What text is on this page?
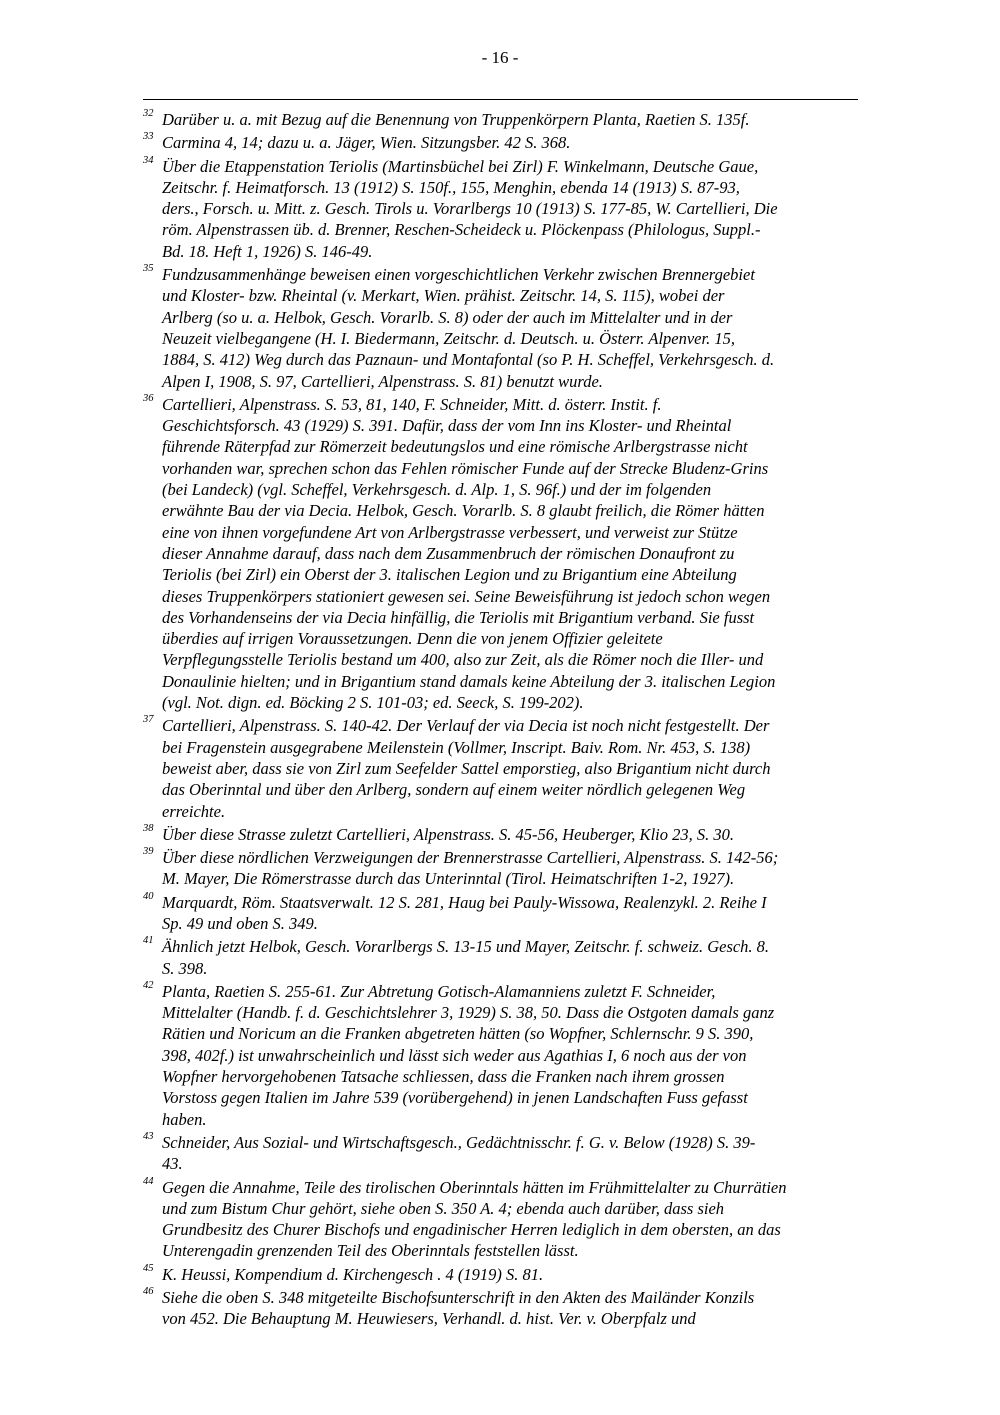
- 16 -
32 Darüber u. a. mit Bezug auf die Benennung von Truppenkörpern Planta, Raetien S. 135f.
33 Carmina 4, 14; dazu u. a. Jäger, Wien. Sitzungsber. 42 S. 368.
34 Über die Etappenstation Teriolis (Martinsbüchel bei Zirl) F. Winkelmann, Deutsche Gaue,
Zeitschr. f. Heimatforsch. 13 (1912) S. 150f., 155, Menghin, ebenda 14 (1913) S. 87-93,
ders., Forsch. u. Mitt. z. Gesch. Tirols u. Vorarlbergs 10 (1913) S. 177-85, W. Cartellieri, Die
röm. Alpenstrassen üb. d. Brenner, Reschen-Scheideck u. Plöckenpass (Philologus, Suppl.-
Bd. 18. Heft 1, 1926) S. 146-49.
35 Fundzusammenhänge beweisen einen vorgeschichtlichen Verkehr zwischen Brennergebiet
und Kloster- bzw. Rheintal (v. Merkart, Wien. prähist. Zeitschr. 14, S. 115), wobei der
Arlberg (so u. a. Helbok, Gesch. Vorarlb. S. 8) oder der auch im Mittelalter und in der
Neuzeit vielbegangene (H. I. Biedermann, Zeitschr. d. Deutsch. u. Österr. Alpenver. 15,
1884, S. 412) Weg durch das Paznaun- und Montafontal (so P. H. Scheffel, Verkehrsgesch. d.
Alpen I, 1908, S. 97, Cartellieri, Alpenstrass. S. 81) benutzt wurde.
36 Cartellieri, Alpenstrass. S. 53, 81, 140, F. Schneider, Mitt. d. österr. Instit. f.
Geschichtsforsch. 43 (1929) S. 391. Dafür, dass der vom Inn ins Kloster- und Rheintal
führende Räterpfad zur Römerzeit bedeutungslos und eine römische Arlbergstrasse nicht
vorhanden war, sprechen schon das Fehlen römischer Funde auf der Strecke Bludenz-Grins
(bei Landeck) (vgl. Scheffel, Verkehrsgesch. d. Alp. 1, S. 96f.) und der im folgenden
erwähnte Bau der via Decia. Helbok, Gesch. Vorarlb. S. 8 glaubt freilich, die Römer hätten
eine von ihnen vorgefundene Art von Arlbergstrasse verbessert, und verweist zur Stütze
dieser Annahme darauf, dass nach dem Zusammenbruch der römischen Donaufront zu
Teriolis (bei Zirl) ein Oberst der 3. italischen Legion und zu Brigantium eine Abteilung
dieses Truppenkörpers stationiert gewesen sei. Seine Beweisführung ist jedoch schon wegen
des Vorhandenseins der via Decia hinfällig, die Teriolis mit Brigantium verband. Sie fusst
überdies auf irrigen Voraussetzungen. Denn die von jenem Offizier geleitete
Verpflegungsstelle Teriolis bestand um 400, also zur Zeit, als die Römer noch die Iller- und
Donaulinie hielten; und in Brigantium stand damals keine Abteilung der 3. italischen Legion
(vgl. Not. dign. ed. Böcking 2 S. 101-03; ed. Seeck, S. 199-202).
37 Cartellieri, Alpenstrass. S. 140-42. Der Verlauf der via Decia ist noch nicht festgestellt. Der
bei Fragenstein ausgegrabene Meilenstein (Vollmer, Inscript. Baiv. Rom. Nr. 453, S. 138)
beweist aber, dass sie von Zirl zum Seefelder Sattel emporstieg, also Brigantium nicht durch
das Oberinntal und über den Arlberg, sondern auf einem weiter nördlich gelegenen Weg
erreichte.
38 Über diese Strasse zuletzt Cartellieri, Alpenstrass. S. 45-56, Heuberger, Klio 23, S. 30.
39 Über diese nördlichen Verzweigungen der Brennerstrasse Cartellieri, Alpenstrass. S. 142-56;
M. Mayer, Die Römerstrasse durch das Unterinntal (Tirol. Heimatschriften 1-2, 1927).
40 Marquardt, Röm. Staatsverwalt. 12 S. 281, Haug bei Pauly-Wissowa, Realenzykl. 2. Reihe I
Sp. 49 und oben S. 349.
41 Ähnlich jetzt Helbok, Gesch. Vorarlbergs S. 13-15 und Mayer, Zeitschr. f. schweiz. Gesch. 8.
S. 398.
42 Planta, Raetien S. 255-61. Zur Abtretung Gotisch-Alamanniens zuletzt F. Schneider,
Mittelalter (Handb. f. d. Geschichtslehrer 3, 1929) S. 38, 50. Dass die Ostgoten damals ganz
Rätien und Noricum an die Franken abgetreten hätten (so Wopfner, Schlernschr. 9 S. 390,
398, 402f.) ist unwahrscheinlich und lässt sich weder aus Agathias I, 6 noch aus der von
Wopfner hervorgehobenen Tatsache schliessen, dass die Franken nach ihrem grossen
Vorstoss gegen Italien im Jahre 539 (vorübergehend) in jenen Landschaften Fuss gefasst
haben.
43 Schneider, Aus Sozial- und Wirtschaftsgesch., Gedächtnisschr. f. G. v. Below (1928) S. 39-
43.
44 Gegen die Annahme, Teile des tirolischen Oberinntals hätten im Frühmittelalter zu Churrätien
und zum Bistum Chur gehört, siehe oben S. 350 A. 4; ebenda auch darüber, dass sieh
Grundbesitz des Churer Bischofs und engadinischer Herren lediglich in dem obersten, an das
Unterengadin grenzenden Teil des Oberinntals feststellen lässt.
45 K. Heussi, Kompendium d. Kirchengesch . 4 (1919) S. 81.
46 Siehe die oben S. 348 mitgeteilte Bischofsunterschrift in den Akten des Mailänder Konzils
von 452. Die Behauptung M. Heuwiesers, Verhandl. d. hist. Ver. v. Oberpfalz und
